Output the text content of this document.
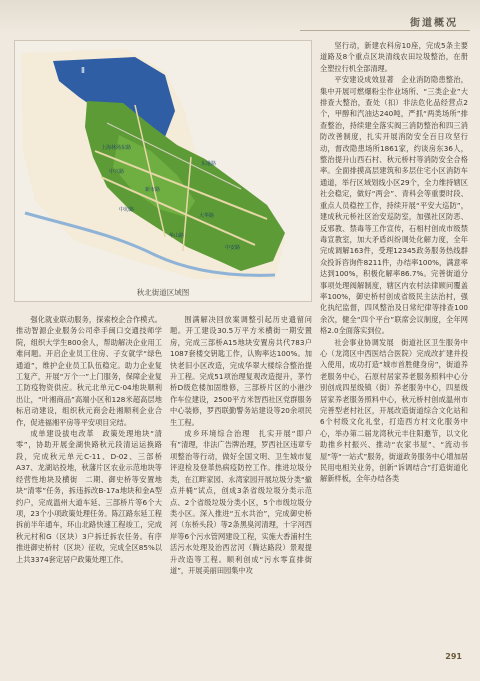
街道概况
Ⅱ
上海林场东路
东港路
中兴路
新市路
大华路
中坊路
华山路
中安路
秋北街道区域图

强化就业联动服务，探索校企合作模式。推动智源企业服务公司牵手闽口交通技师学院，组织大学生800余人，帮助解决企业用工难问题。开启企业员工住房、子女就学“绿色通道”，维护企业员工队伍稳定。助力企业复工复产，开展“万个一”上门服务，保障企业复工防疫物资供应。秋元北单元C-04地块顺利出让，“叶湘商品”高端小区和128米超高层地标启动建设，组织秋元商会赴湘顺利企业合作，促进福湘平房等平安项目完结。

成单建设拔电改革　政策处理地块“清零”，协助开展金湖快路秋元段清运运换路段，完成秋元单元C-11、D-02、三部桥A37、龙湖站投地，秋藩片区农业示范地块等经营性地块及横街　二期、御史桥等安置地块“清零”任务，拆违拆改B-17a地块和金A型约户，完成温州大道车延、三部桥片等6个大项，23个小项政策处理任务。陈江路东延工程拆前半年通车，环山北路快速工程竣工，完成秋元村和G（区块）3户拆迁拆农任务。有序推进御史桥村（区块）征收，完成全区85%以上共3374套定居户政策处理工作。

围满解决回放案调整引起历史遗留问题。开工建设30.5万平方米横街一期安置房，完成三部桥A15地块安置房共代783户1087套楼交钥匙工作，认购率达100%。加快老旧小区改造，完成华翠大楼综合整治提升工程。完成51项治理复观改造提升，茅竹桥D级危楼加固维修，三部桥片区的小港沙作车位建设，2500平方米智西社区党群服务中心装修，罗西联勤警务站建设等20余项民生工程。

成乡环境综合治理　扎实开展“即户有”清理，非法广告牌治理，罗西社区违章专项整治等行动，做好全国文明、卫生城市复评迎检及登革热病疫防控工作。推进垃圾分类，在江畔家园、永湾家园开展垃圾分类“撤点并桶”试点，创成3条省级垃圾分类示范点、2个省级垃圾分类小区，5个市级垃圾分类小区。深入推进“五水共治”，完成御史桥河（东桥头段）等2条黑臭河清理，十字河西岸等6个污水管网建设工程，实施大香浦村生活污水处理及治西岔河（腾达路段）景观提升改造等工程。顺利创成“污水零直排街道”，开展美丽田园集中攻

坚行动，新建农科房10座，完成5条主要道路及8个重点区块清线农田垃圾整治，在册全塑拉行机全部清理。

平安建设成效显著　企业消防隐患整治，集中开展可燃爆粉尘作业场所、“三类企业”大排查大整治，查处（扣）非法危化品经营点2个，甲醇和汽油达240吨，严抓“两类场所”排查整治，持续建全落实阀三消防整治和四三消防改善制度，扎实开展消防安全百日攻坚行动，督改隐患场所1861家，约谈房东36人，整治提升山西石村、秋元桥村等消防安全合格率。全面排摸高层建筑和多层住宅小区消防车通道，举行区域划线小区29个，全力维持辖区社会稳定，做好“两会”、青科会等重要时段、重点人员稳控工作，持续开展“平安大巡防”，建成秋元桥社区治安巡防室，加强社区防恶、反邪教、禁毒等工作宣传，石相村创成市级禁毒宣教室，加大矛盾纠纷调处化解力度，全年完成调解163件，受理12345政务服务热线群众投诉咨询件8211件，办结率100%，满意率达到100%，积极化解率86.7%。完善街道分事项处理阀解制度，辖区内农村法律顾问覆盖率100%，御史桥村创成省级民主法治村，强化执纪监督，四风整治及日常纪律等排查100余次，健全“四个平台”联席会议制度，全年网格2.0全面落实到位。

社会事业协调发展　街道社区卫生服务中心（龙湾区中西医结合医院）完成改扩建并投入使用，成功打造“城市首胜健身房”，街道养老服务中心，石原村居家养老服务照料中心分别创成四星级镇（街）养老服务中心，四星级居家养老服务照料中心，秋元桥村创成温州市完善型老村社区，开展改造街道综合文化站和6个村级文化礼堂，打造西方村文化服务中心，举办第二届龙湾秋元丰住阳邀节，以文化助推乡村振兴、推动“农家书屋”、“流动书屋”等“一站式”服务，街道政务服务中心增加居民用电相关业务，创新“诉调结合”打造街道化解新样板，全年办结各类

291
